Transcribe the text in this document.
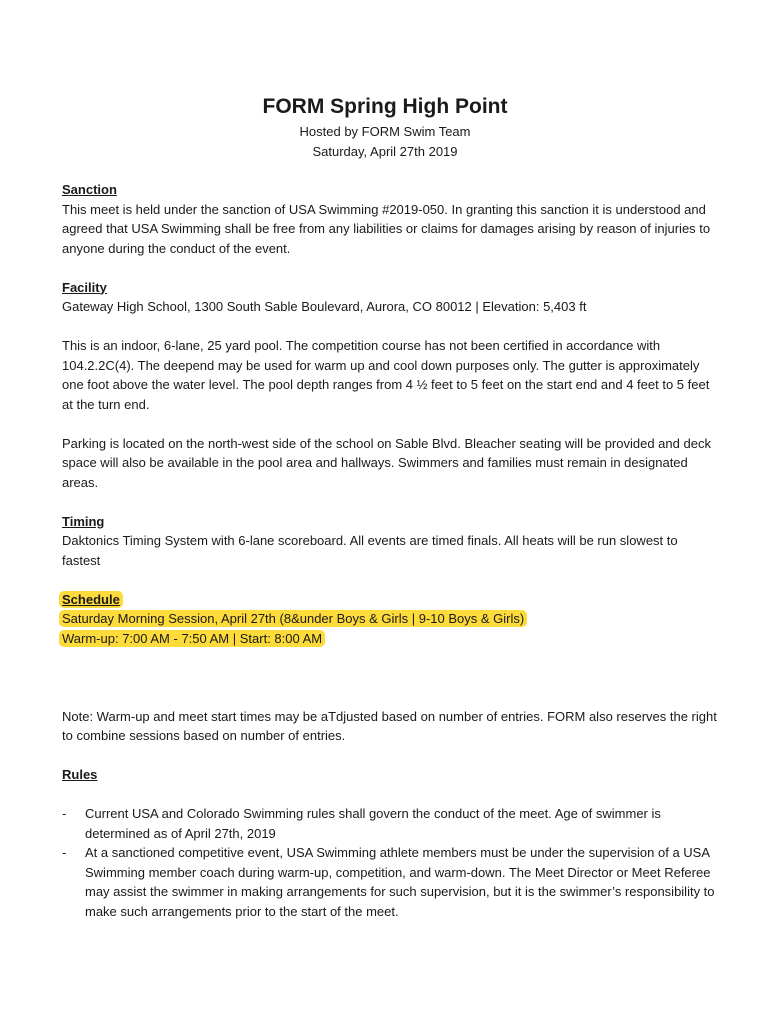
FORM Spring High Point

Hosted by FORM Swim Team

Saturday, April 27th 2019

Sanction

This meet is held under the sanction of USA Swimming #2019-050. In granting this sanction it is understood and agreed that USA Swimming shall be free from any liabilities or claims for damages arising by reason of injuries to anyone during the conduct of the event.

Facility

Gateway High School, 1300 South Sable Boulevard, Aurora, CO 80012 | Elevation: 5,403 ft

This is an indoor, 6-lane, 25 yard pool. The competition course has not been certified in accordance with 104.2.2C(4). The deepend may be used for warm up and cool down purposes only. The gutter is approximately one foot above the water level. The pool depth ranges from 4 ½ feet to 5 feet on the start end and 4 feet to 5 feet at the turn end.

Parking is located on the north-west side of the school on Sable Blvd. Bleacher seating will be provided and deck space will also be available in the pool area and hallways. Swimmers and families must remain in designated areas.

Timing

Daktonics Timing System with 6-lane scoreboard. All events are timed finals. All heats will be run slowest to fastest

Schedule

Saturday Morning Session, April 27th (8&under Boys & Girls | 9-10 Boys & Girls)

Warm-up: 7:00 AM - 7:50 AM | Start: 8:00 AM

Note: Warm-up and meet start times may be aTdjusted based on number of entries. FORM also reserves the right to combine sessions based on number of entries.

Rules

- Current USA and Colorado Swimming rules shall govern the conduct of the meet. Age of swimmer is determined as of April 27th, 2019
- At a sanctioned competitive event, USA Swimming athlete members must be under the supervision of a USA Swimming member coach during warm-up, competition, and warm-down. The Meet Director or Meet Referee may assist the swimmer in making arrangements for such supervision, but it is the swimmer’s responsibility to make such arrangements prior to the start of the meet.
